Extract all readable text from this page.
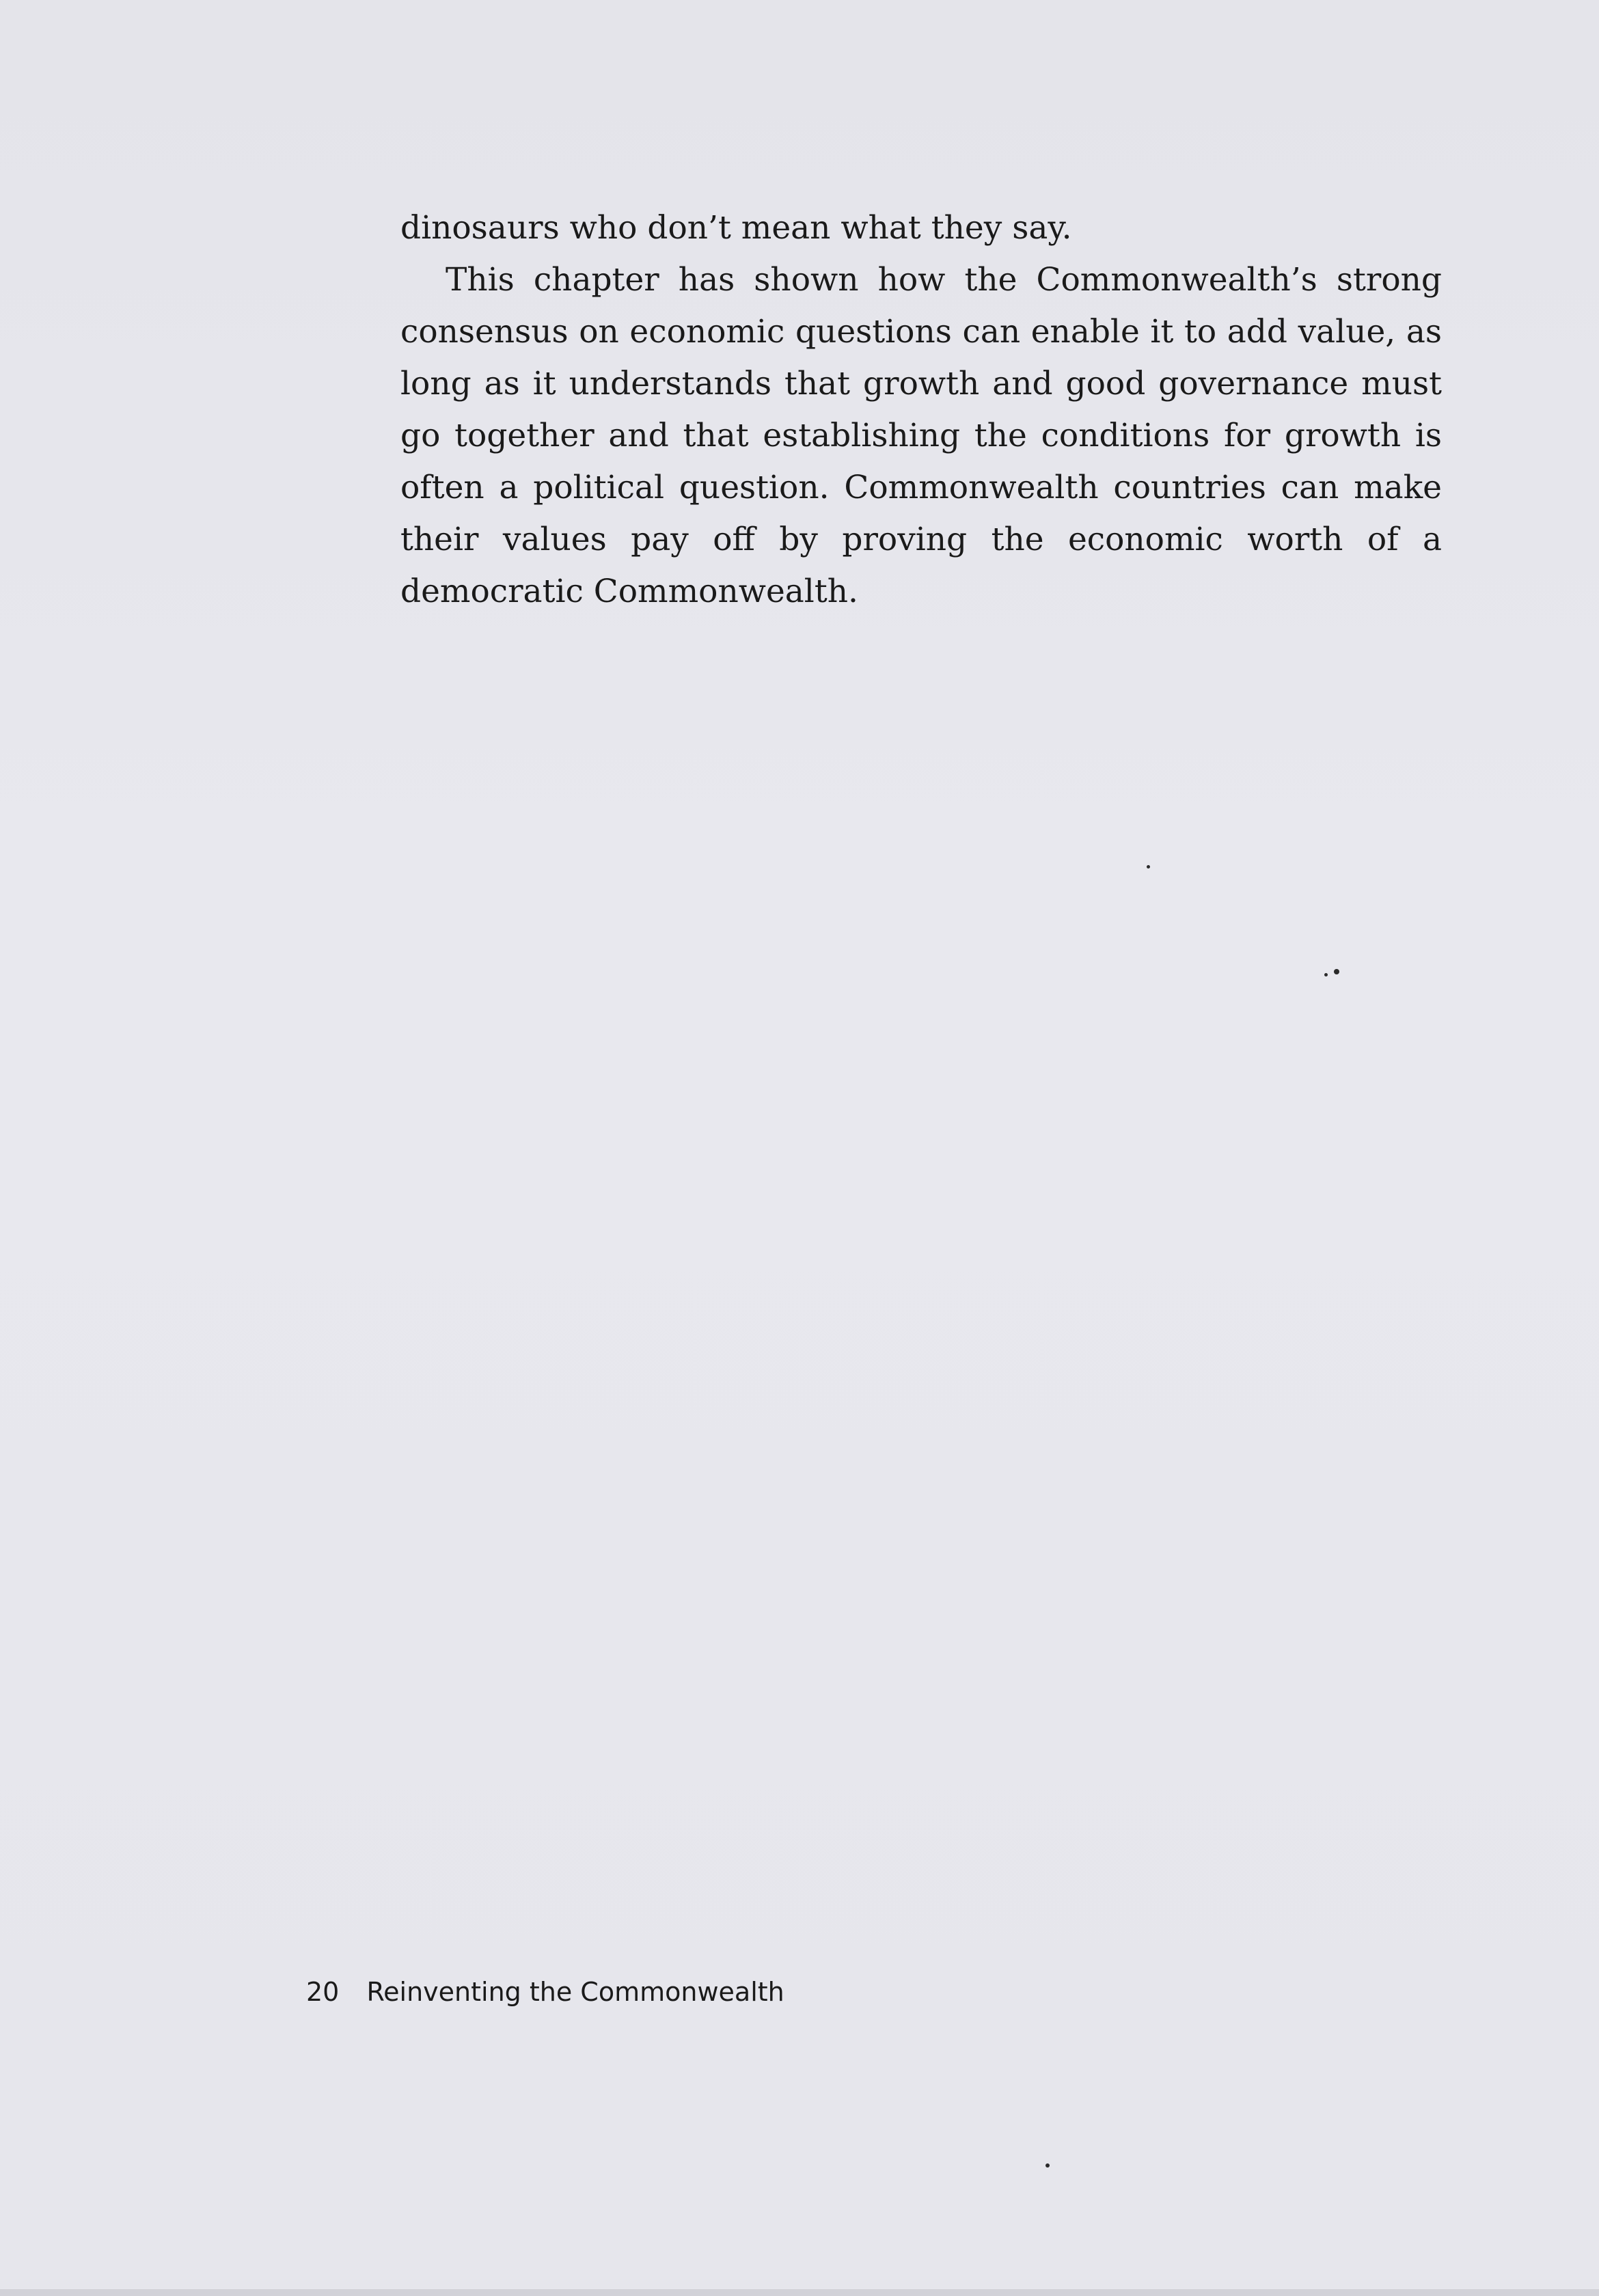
dinosaurs who don’t mean what they say.

This chapter has shown how the Commonwealth’s strong consensus on economic questions can enable it to add value, as long as it understands that growth and good governance must go together and that establishing the conditions for growth is often a political question. Commonwealth countries can make their values pay off by proving the economic worth of a democratic Commonwealth.

20 Reinventing the Commonwealth
